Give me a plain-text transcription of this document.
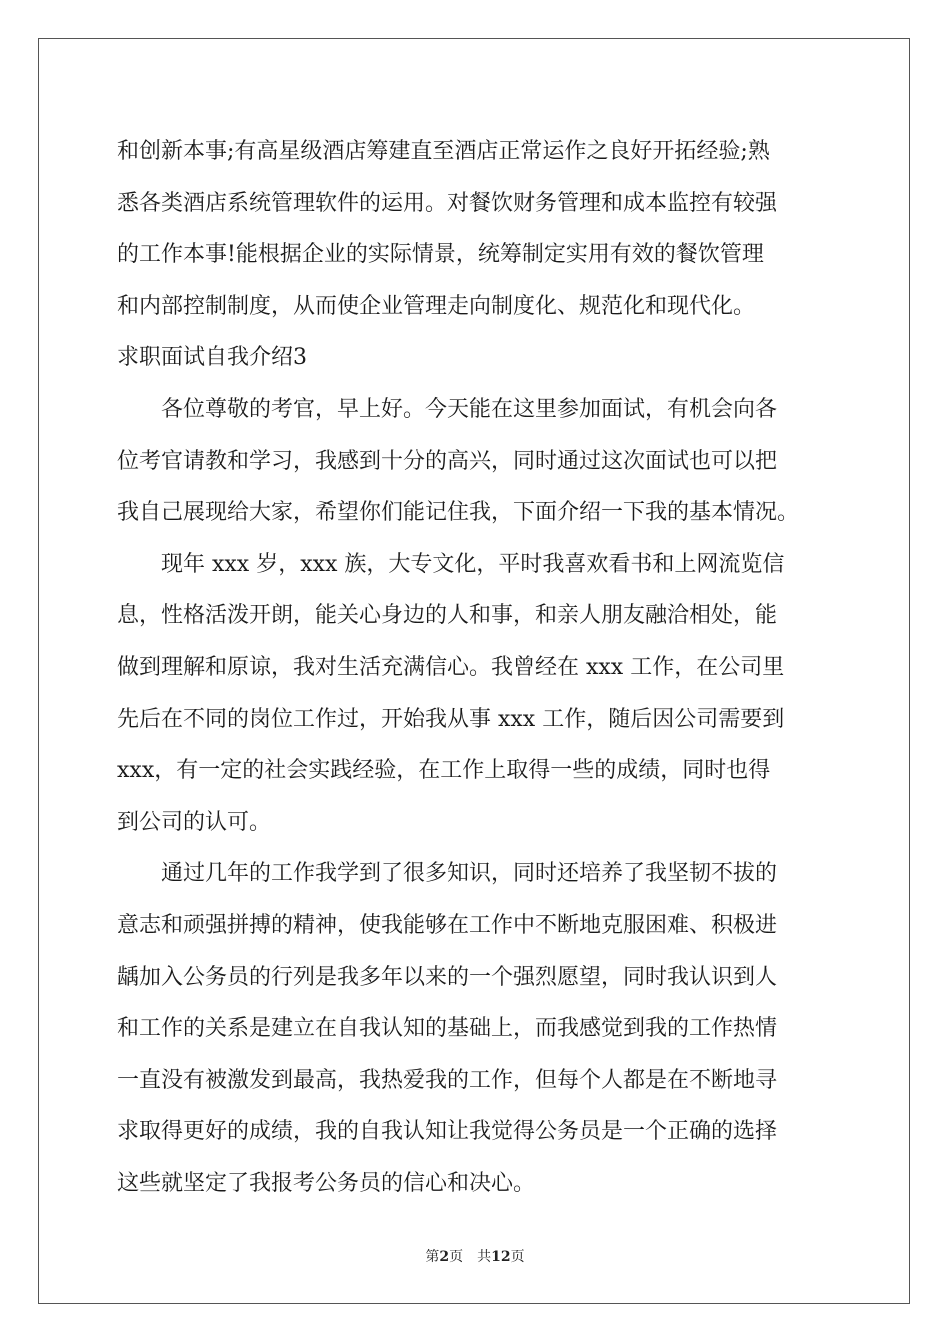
和创新本事;有高星级酒店筹建直至酒店正常运作之良好开拓经验;熟
悉各类酒店系统管理软件的运用。对餐饮财务管理和成本监控有较强
的工作本事!能根据企业的实际情景，统筹制定实用有效的餐饮管理
和内部控制制度，从而使企业管理走向制度化、规范化和现代化。
求职面试自我介绍3
　　各位尊敬的考官，早上好。今天能在这里参加面试，有机会向各
位考官请教和学习，我感到十分的高兴，同时通过这次面试也可以把
我自己展现给大家，希望你们能记住我，下面介绍一下我的基本情况。
　　现年 xxx 岁，xxx 族，大专文化，平时我喜欢看书和上网流览信
息，性格活泼开朗，能关心身边的人和事，和亲人朋友融洽相处，能
做到理解和原谅，我对生活充满信心。我曾经在 xxx 工作，在公司里
先后在不同的岗位工作过，开始我从事 xxx 工作，随后因公司需要到
xxx，有一定的社会实践经验，在工作上取得一些的成绩，同时也得
到公司的认可。
　　通过几年的工作我学到了很多知识，同时还培养了我坚韧不拔的
意志和顽强拼搏的精神，使我能够在工作中不断地克服困难、积极进
龋加入公务员的行列是我多年以来的一个强烈愿望，同时我认识到人
和工作的关系是建立在自我认知的基础上，而我感觉到我的工作热情
一直没有被激发到最高，我热爱我的工作，但每个人都是在不断地寻
求取得更好的成绩，我的自我认知让我觉得公务员是一个正确的选择
这些就坚定了我报考公务员的信心和决心。
第2页 共12页
